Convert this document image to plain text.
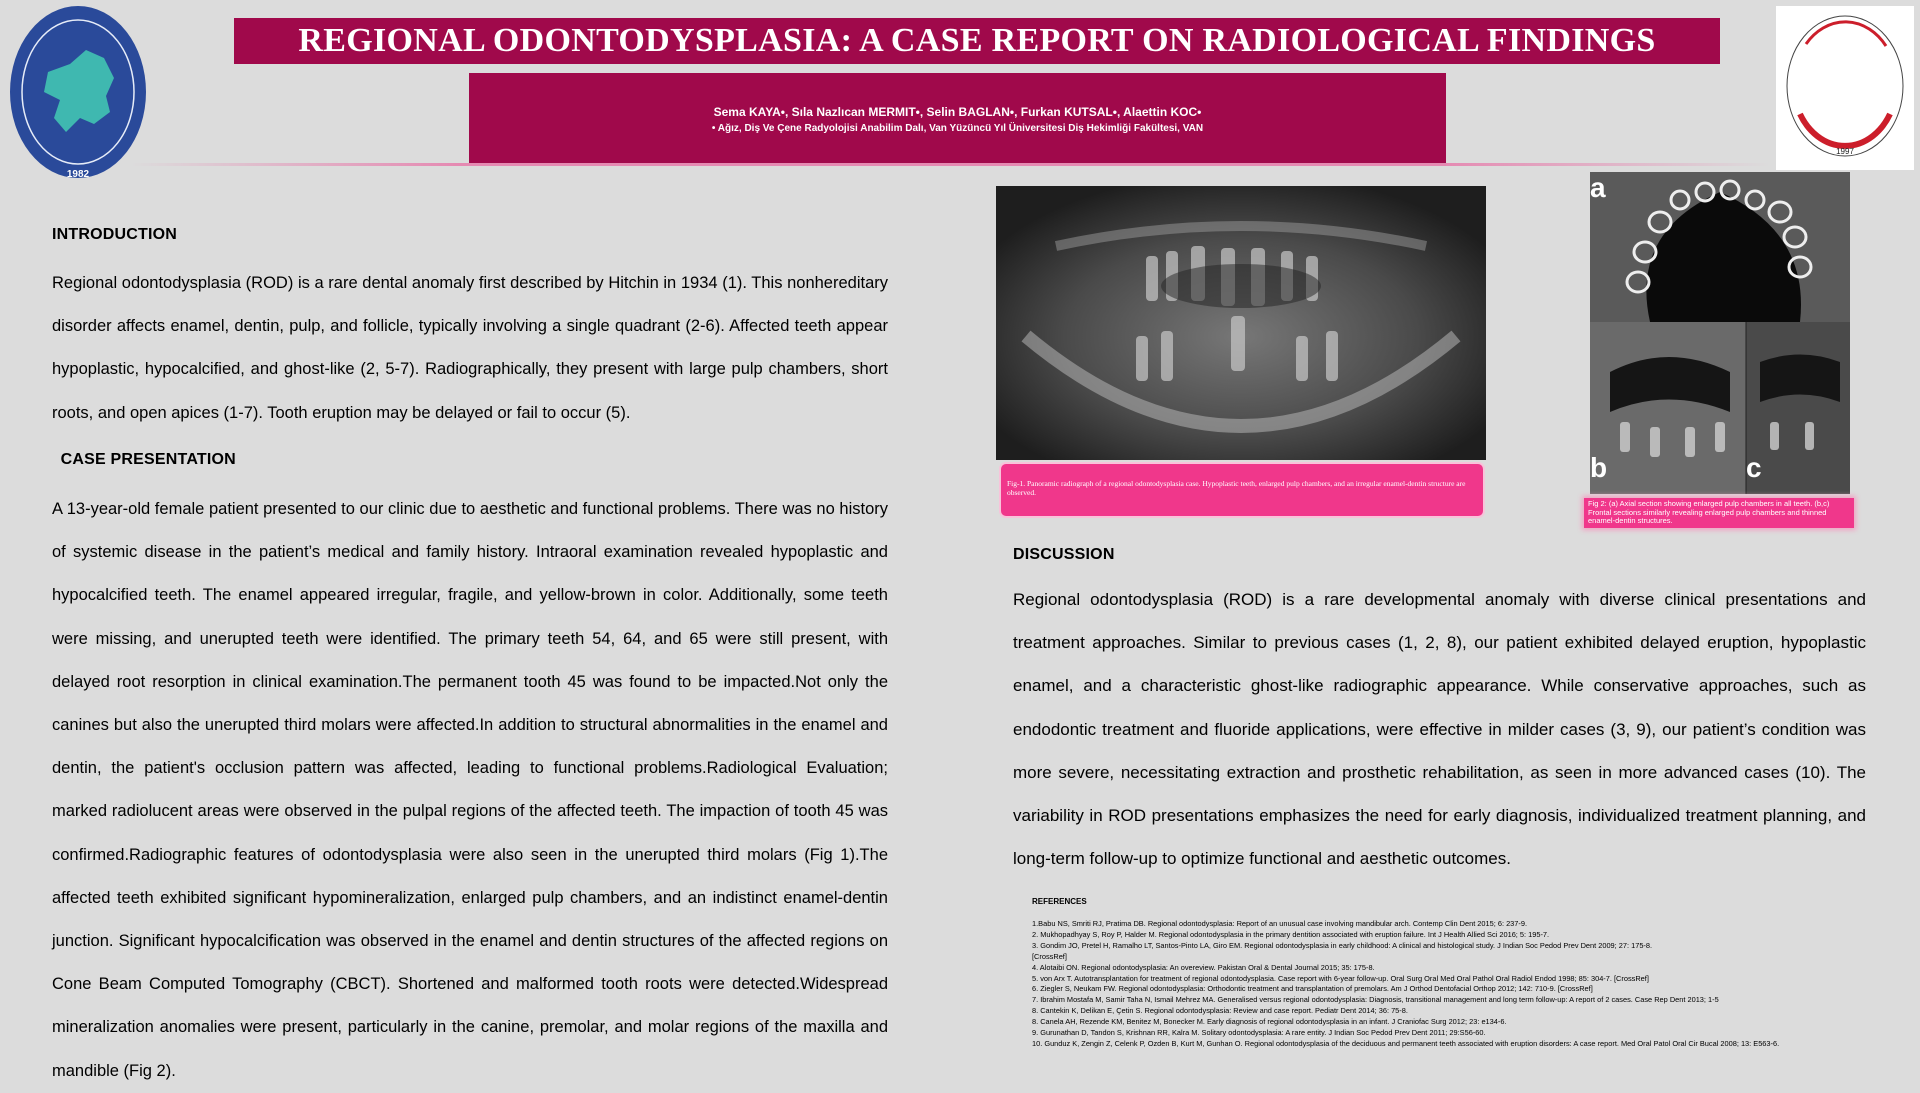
1982
REGIONAL ODONTODYSPLASIA: A CASE REPORT ON RADIOLOGICAL FINDINGS
Sema KAYA•, Sıla Nazlıcan MERMIT•, Selin BAGLAN•, Furkan KUTSAL•, Alaettin KOC•
• Ağız, Diş Ve Çene Radyolojisi Anabilim Dalı, Van Yüzüncü Yıl Üniversitesi Diş Hekimliği Fakültesi, VAN
1997
INTRODUCTION
Regional odontodysplasia (ROD) is a rare dental anomaly first described by Hitchin in 1934 (1). This nonhereditary disorder affects enamel, dentin, pulp, and follicle, typically involving a single quadrant (2-6). Affected teeth appear hypoplastic, hypocalcified, and ghost-like (2, 5-7). Radiographically, they present with large pulp chambers, short roots, and open apices (1-7). Tooth eruption may be delayed or fail to occur (5).
CASE PRESENTATION
A 13-year-old female patient presented to our clinic due to aesthetic and functional problems. There was no history of systemic disease in the patient’s medical and family history. Intraoral examination revealed hypoplastic and hypocalcified teeth. The enamel appeared irregular, fragile, and yellow-brown in color. Additionally, some teeth were missing, and unerupted teeth were identified. The primary teeth 54, 64, and 65 were still present, with delayed root resorption in clinical examination.The permanent tooth 45 was found to be impacted.Not only the canines but also the unerupted third molars were affected.In addition to structural abnormalities in the enamel and dentin, the patient's occlusion pattern was affected, leading to functional problems.Radiological Evaluation; marked radiolucent areas were observed in the pulpal regions of the affected teeth. The impaction of tooth 45 was confirmed.Radiographic features of odontodysplasia were also seen in the unerupted third molars (Fig 1).The affected teeth exhibited significant hypomineralization, enlarged pulp chambers, and an indistinct enamel-dentin junction. Significant hypocalcification was observed in the enamel and dentin structures of the affected regions on Cone Beam Computed Tomography (CBCT). Shortened and malformed tooth roots were detected.Widespread mineralization anomalies were present, particularly in the canine, premolar, and molar regions of the maxilla and mandible (Fig 2).
Fig-1. Panoramic radiograph of a regional odontodysplasia case. Hypoplastic teeth, enlarged pulp chambers, and an irregular enamel-dentin structure are observed.
a
b	c
Fig 2: (a) Axial section showing enlarged pulp chambers in all teeth. (b,c) Frontal sections similarly revealing enlarged pulp chambers and thinned enamel-dentin structures.
DISCUSSION
Regional odontodysplasia (ROD) is a rare developmental anomaly with diverse clinical presentations and treatment approaches. Similar to previous cases (1, 2, 8), our patient exhibited delayed eruption, hypoplastic enamel, and a characteristic ghost-like radiographic appearance. While conservative approaches, such as endodontic treatment and fluoride applications, were effective in milder cases (3, 9), our patient’s condition was more severe, necessitating extraction and prosthetic rehabilitation, as seen in more advanced cases (10). The variability in ROD presentations emphasizes the need for early diagnosis, individualized treatment planning, and long-term follow-up to optimize functional and aesthetic outcomes.
REFERENCES
1.Babu NS, Smriti RJ, Pratima DB. Regional odontodysplasia: Report of an unusual case involving mandibular arch. Contemp Clin Dent 2015; 6: 237-9.
2. Mukhopadhyay S, Roy P, Halder M. Regional odontodysplasia in the primary dentition associated with eruption failure. Int J Health Allied Sci 2016; 5: 195-7.
3. Gondim JO, Pretel H, Ramalho LT, Santos-Pinto LA, Giro EM. Regional odontodysplasia in early childhood: A clinical and histological study. J Indian Soc Pedod Prev Dent 2009; 27: 175-8.
[CrossRef]
4. Alotaibi ON. Regional odontodysplasia: An overeview. Pakistan Oral & Dental Journal 2015; 35: 175-8.
5. von Arx T. Autotransplantation for treatment of regional odontodysplasia. Case report with 6-year follow-up. Oral Surg Oral Med Oral Pathol Oral Radiol Endod 1998; 85: 304-7. [CrossRef]
6. Ziegler S, Neukam FW. Regional odontodysplasia: Orthodontic treatment and transplantation of premolars. Am J Orthod Dentofacial Orthop 2012; 142: 710-9. [CrossRef]
7. Ibrahim Mostafa M, Samir Taha N, Ismail Mehrez MA. Generalised versus regional odontodysplasia: Diagnosis, transitional management and long term follow-up: A report of 2 cases. Case Rep Dent 2013; 1-5
8. Cantekin K, Delikan E, Çetin S. Regional odontodysplasia: Review and case report. Pediatr Dent 2014; 36: 75-8.
8. Canela AH, Rezende KM, Benitez M, Bonecker M. Early diagnosis of regional odontodysplasia in an infant. J Craniofac Surg 2012; 23: e134-6.
9. Gurunathan D, Tandon S, Krishnan RR, Kalra M. Solitary odontodysplasia: A rare entity. J Indian Soc Pedod Prev Dent 2011; 29:S56-60.
10. Gunduz K, Zengin Z, Celenk P, Ozden B, Kurt M, Gunhan O. Regional odontodysplasia of the deciduous and permanent teeth associated with eruption disorders: A case report. Med Oral Patol Oral Cir Bucal 2008; 13: E563-6.
